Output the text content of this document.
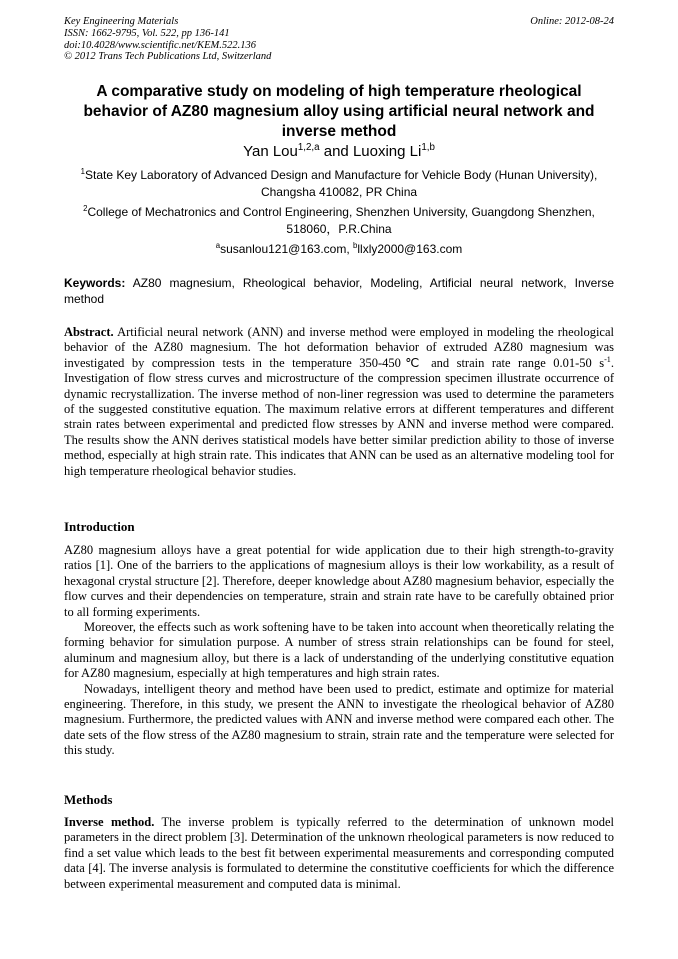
Key Engineering Materials
ISSN: 1662-9795, Vol. 522, pp 136-141
doi:10.4028/www.scientific.net/KEM.522.136
© 2012 Trans Tech Publications Ltd, Switzerland
Online: 2012-08-24
A comparative study on modeling of high temperature rheological behavior of AZ80 magnesium alloy using artificial neural network and inverse method
Yan Lou$^{1,2,a}$ and Luoxing Li$^{1,b}$
$^1$State Key Laboratory of Advanced Design and Manufacture for Vehicle Body (Hunan University), Changsha 410082, PR China
$^2$College of Mechatronics and Control Engineering, Shenzhen University, Guangdong Shenzhen, 518060，P.R.China
$^a$susanlou121@163.com, $^b$llxly2000@163.com
Keywords: AZ80 magnesium, Rheological behavior, Modeling, Artificial neural network, Inverse method
Abstract. Artificial neural network (ANN) and inverse method were employed in modeling the rheological behavior of the AZ80 magnesium. The hot deformation behavior of extruded AZ80 magnesium was investigated by compression tests in the temperature 350-450℃ and strain rate range 0.01-50 $s^{-1}$. Investigation of flow stress curves and microstructure of the compression specimen illustrate occurrence of dynamic recrystallization. The inverse method of non-liner regression was used to determine the parameters of the suggested constitutive equation. The maximum relative errors at different temperatures and different strain rates between experimental and predicted flow stresses by ANN and inverse method were compared. The results show the ANN derives statistical models have better similar prediction ability to those of inverse method, especially at high strain rate. This indicates that ANN can be used as an alternative modeling tool for high temperature rheological behavior studies.
Introduction

AZ80 magnesium alloys have a great potential for wide application due to their high strength-to-gravity ratios [1]. One of the barriers to the applications of magnesium alloys is their low workability, as a result of hexagonal crystal structure [2]. Therefore, deeper knowledge about AZ80 magnesium behavior, especially the flow curves and their dependencies on temperature, strain and strain rate have to be carefully obtained prior to all forming experiments.

Moreover, the effects such as work softening have to be taken into account when theoretically relating the forming behavior for simulation purpose. A number of stress strain relationships can be found for steel, aluminum and magnesium alloy, but there is a lack of understanding of the underlying constitutive equation for AZ80 magnesium, especially at high temperatures and high strain rates.

Nowadays, intelligent theory and method have been used to predict, estimate and optimize for material engineering. Therefore, in this study, we present the ANN to investigate the rheological behavior of AZ80 magnesium. Furthermore, the predicted values with ANN and inverse method were compared each other. The date sets of the flow stress of the AZ80 magnesium to strain, strain rate and the temperature were selected for this study.

Methods

Inverse method. The inverse problem is typically referred to the determination of unknown model parameters in the direct problem [3]. Determination of the unknown rheological parameters is now reduced to find a set value which leads to the best fit between experimental measurements and corresponding computed data [4]. The inverse analysis is formulated to determine the constitutive coefficients for which the difference between experimental measurement and computed data is minimal.
